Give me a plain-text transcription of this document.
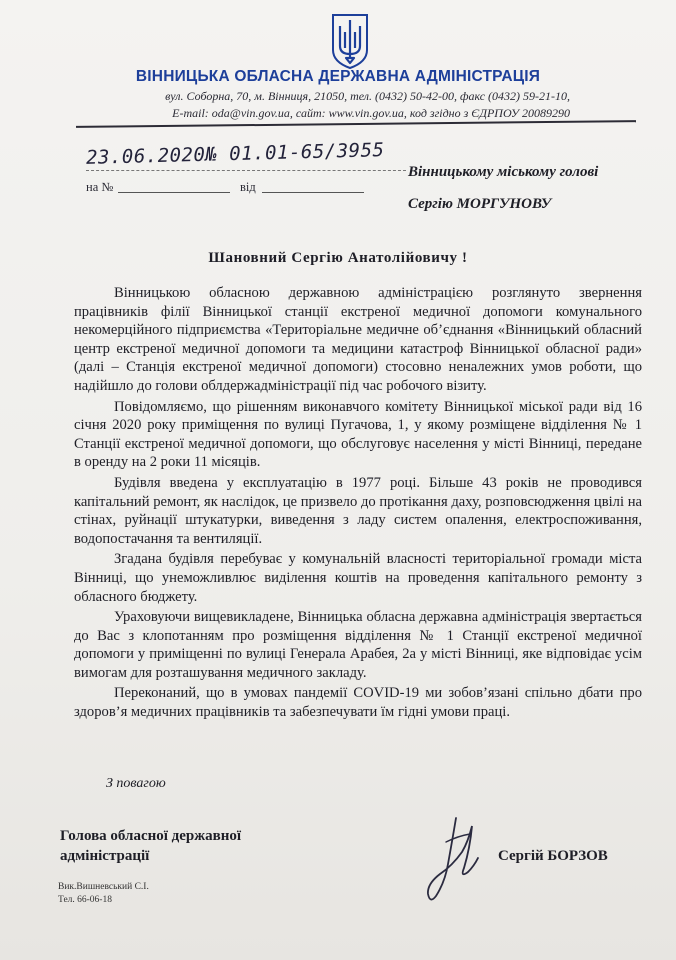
ВІННИЦЬКА ОБЛАСНА ДЕРЖАВНА АДМІНІСТРАЦІЯ
вул. Соборна, 70, м. Вінниця, 21050, тел. (0432) 50-42-00, факс (0432) 59-21-10,
E-mail: oda@vin.gov.ua, сайт: www.vin.gov.ua, код згідно з ЄДРПОУ 20089290
23.06.2020№ 01.01-65/3955
на №	від
Вінницькому міському голові
Сергію МОРГУНОВУ
Шановний Сергію Анатолійовичу !

Вінницькою обласною державною адміністрацією розглянуто звернення працівників філії Вінницької станції екстреної медичної допомоги комунального некомерційного підприємства «Територіальне медичне об’єднання «Вінницький обласний центр екстреної медичної допомоги та медицини катастроф Вінницької обласної ради» (далі – Станція екстреної медичної допомоги) стосовно неналежних умов роботи, що надійшло до голови облдержадміністрації під час робочого візиту.

Повідомляємо, що рішенням виконавчого комітету Вінницької міської ради від 16 січня 2020 року приміщення по вулиці Пугачова, 1, у якому розміщене відділення № 1 Станції екстреної медичної допомоги, що обслуговує населення у місті Вінниці, передане в оренду на 2 роки 11 місяців.

Будівля введена у експлуатацію в 1977 році. Більше 43 років не проводився капітальний ремонт, як наслідок, це призвело до протікання даху, розповсюдження цвілі на стінах, руйнації штукатурки, виведення з ладу систем опалення, електроспоживання, водопостачання та вентиляції.

Згадана будівля перебуває у комунальній власності територіальної громади міста Вінниці, що унеможливлює виділення коштів на проведення капітального ремонту з обласного бюджету.

Ураховуючи вищевикладене, Вінницька обласна державна адміністрація звертається до Вас з клопотанням про розміщення відділення № 1 Станції екстреної медичної допомоги у приміщенні по вулиці Генерала Арабея, 2а у місті Вінниці, яке відповідає усім вимогам для розташування медичного закладу.

Переконаний, що в умовах пандемії COVID-19 ми зобов’язані спільно дбати про здоров’я медичних працівників та забезпечувати їм гідні умови праці.

З повагою
Голова обласної державної
адміністрації	Сергій БОРЗОВ
Вик.Вишневський С.І.
Тел. 66-06-18
